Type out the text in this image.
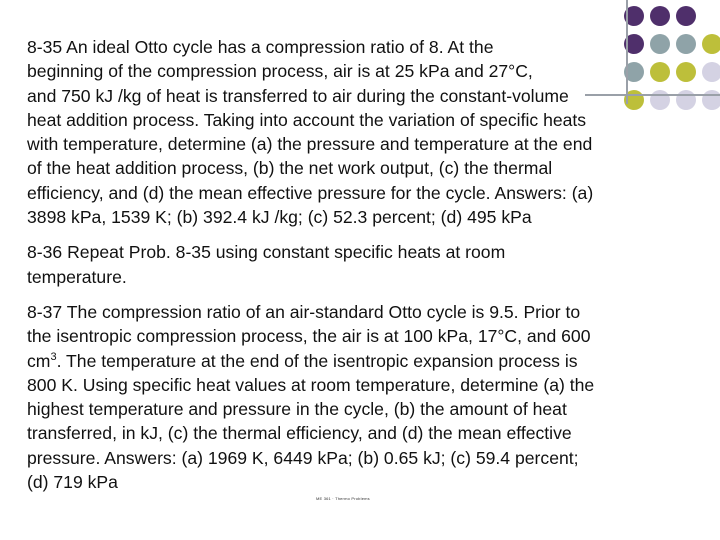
8-35 An ideal Otto cycle has a compression ratio of 8. At the
beginning of the compression process, air is at 25 kPa and 27°C,
and 750 kJ /kg of heat is transferred to air during the constant-volume
heat addition process. Taking into account the variation of specific heats
with temperature, determine (a) the pressure and temperature at the end
of the heat addition process, (b) the net work output, (c) the thermal
efficiency, and (d) the mean effective pressure for the cycle. Answers: (a)
3898 kPa, 1539 K; (b) 392.4 kJ /kg; (c) 52.3 percent; (d) 495 kPa

8-36 Repeat Prob. 8-35 using constant specific heats at room
temperature.

8-37 The compression ratio of an air-standard Otto cycle is 9.5. Prior to
the isentropic compression process, the air is at 100 kPa, 17°C, and 600
$cm^3$. The temperature at the end of the isentropic expansion process is
800 K. Using specific heat values at room temperature, determine (a) the
highest temperature and pressure in the cycle, (b) the amount of heat
transferred, in kJ, (c) the thermal efficiency, and (d) the mean effective
pressure. Answers: (a) 1969 K, 6449 kPa; (b) 0.65 kJ; (c) 59.4 percent;
(d) 719 kPa

ME 361 · Thermo Problems
